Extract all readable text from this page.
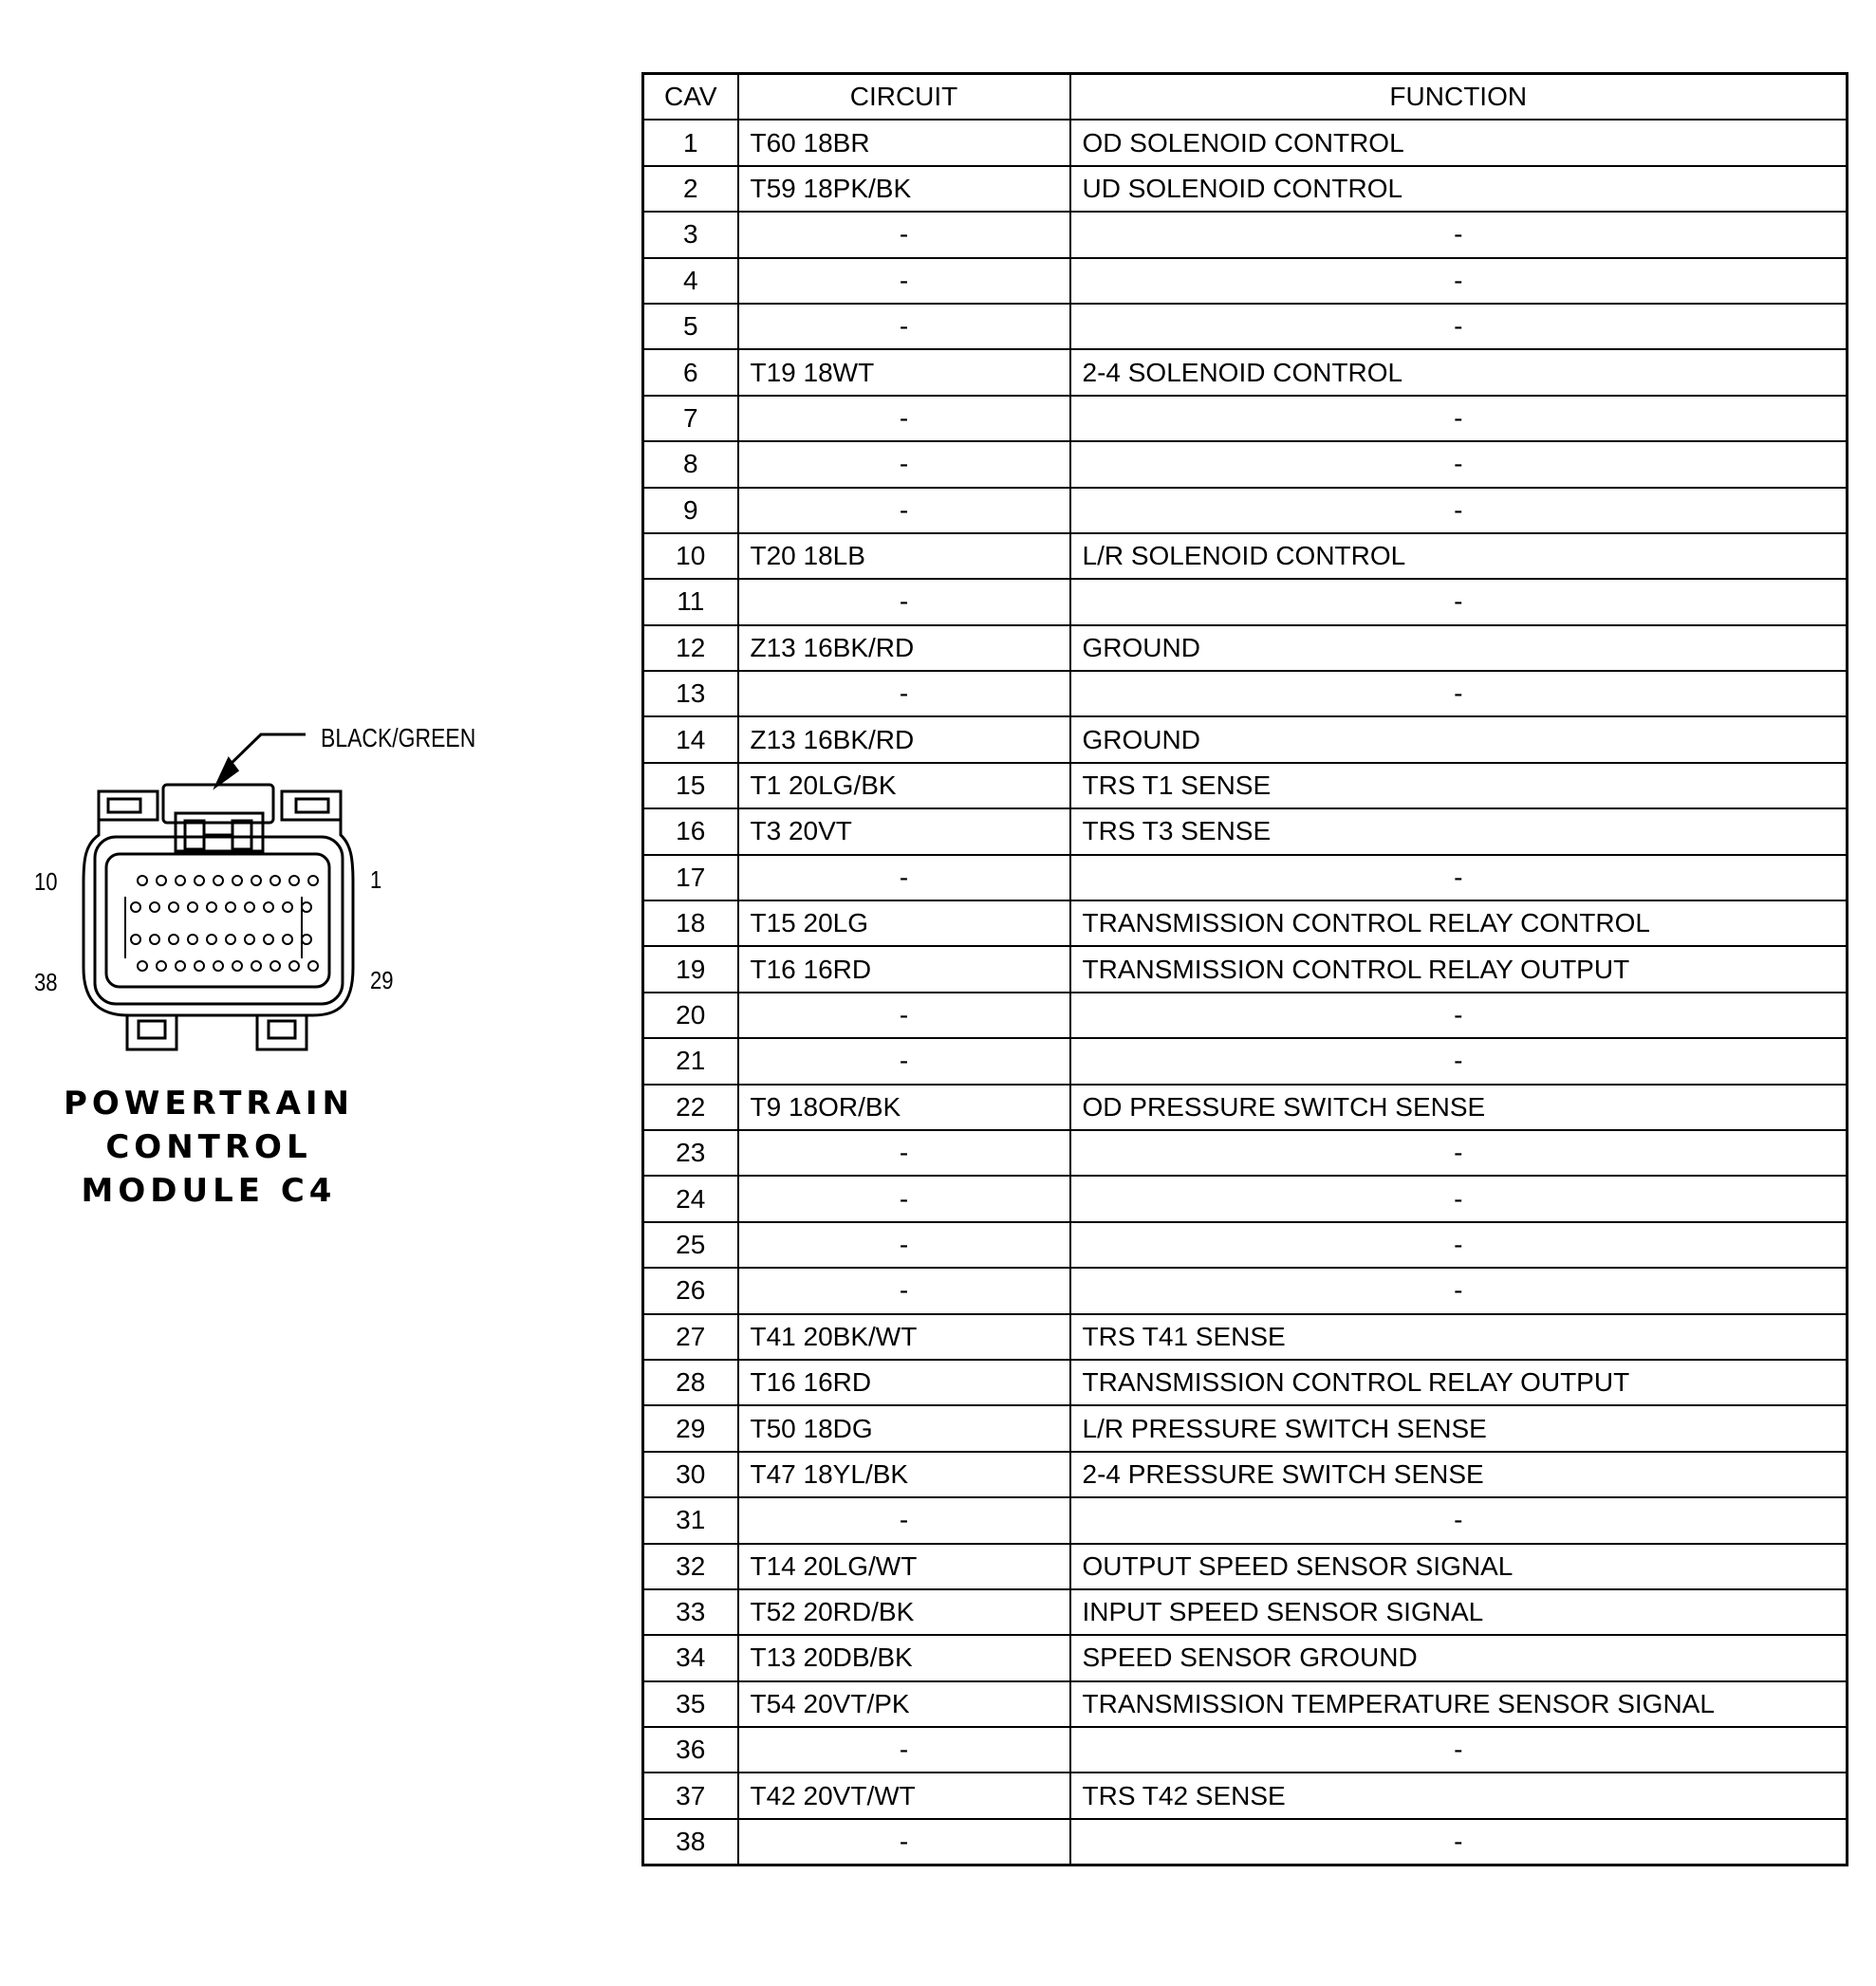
10	1
38	29
BLACK/GREEN
POWERTRAIN
CONTROL
MODULE C4
CAV	CIRCUIT	FUNCTION
1	T60 18BR	OD SOLENOID CONTROL
2	T59 18PK/BK	UD SOLENOID CONTROL
3	-	-
4	-	-
5	-	-
6	T19 18WT	2-4 SOLENOID CONTROL
7	-	-
8	-	-
9	-	-
10	T20 18LB	L/R SOLENOID CONTROL
11	-	-
12	Z13 16BK/RD	GROUND
13	-	-
14	Z13 16BK/RD	GROUND
15	T1 20LG/BK	TRS T1 SENSE
16	T3 20VT	TRS T3 SENSE
17	-	-
18	T15 20LG	TRANSMISSION CONTROL RELAY CONTROL
19	T16 16RD	TRANSMISSION CONTROL RELAY OUTPUT
20	-	-
21	-	-
22	T9 18OR/BK	OD PRESSURE SWITCH SENSE
23	-	-
24	-	-
25	-	-
26	-	-
27	T41 20BK/WT	TRS T41 SENSE
28	T16 16RD	TRANSMISSION CONTROL RELAY OUTPUT
29	T50 18DG	L/R PRESSURE SWITCH SENSE
30	T47 18YL/BK	2-4 PRESSURE SWITCH SENSE
31	-	-
32	T14 20LG/WT	OUTPUT SPEED SENSOR SIGNAL
33	T52 20RD/BK	INPUT SPEED SENSOR SIGNAL
34	T13 20DB/BK	SPEED SENSOR GROUND
35	T54 20VT/PK	TRANSMISSION TEMPERATURE SENSOR SIGNAL
36	-	-
37	T42 20VT/WT	TRS T42 SENSE
38	-	-
